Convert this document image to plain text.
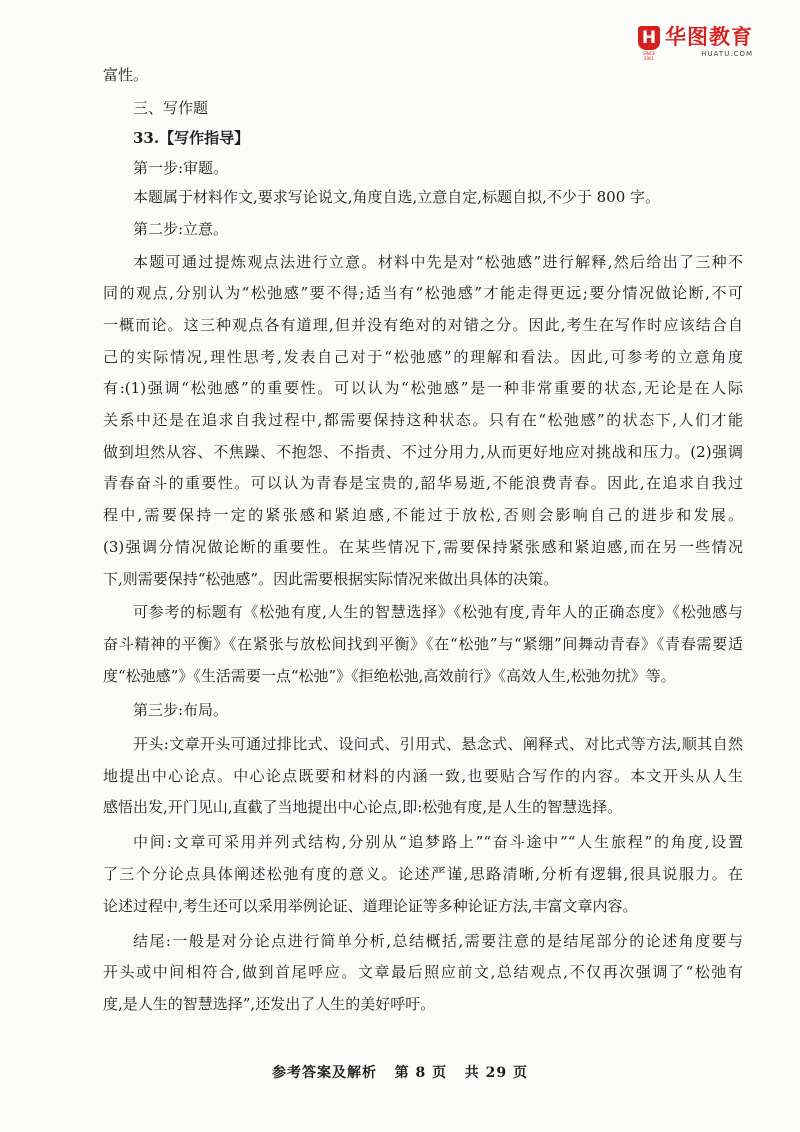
H
SINCE 2001
华图教育
HUATU.COM
富性。
三、写作题
33.【写作指导】
第一步:审题。
本题属于材料作文,要求写论说文,角度自选,立意自定,标题自拟,不少于 800 字。
第二步:立意。
本题可通过提炼观点法进行立意。材料中先是对“松弛感”进行解释,然后给出了三种不
同的观点,分别认为“松弛感”要不得;适当有“松弛感”才能走得更远;要分情况做论断,不可
一概而论。这三种观点各有道理,但并没有绝对的对错之分。因此,考生在写作时应该结合自
己的实际情况,理性思考,发表自己对于“松弛感”的理解和看法。因此,可参考的立意角度
有:(1)强调“松弛感”的重要性。可以认为“松弛感”是一种非常重要的状态,无论是在人际
关系中还是在追求自我过程中,都需要保持这种状态。只有在“松弛感”的状态下,人们才能
做到坦然从容、不焦躁、不抱怨、不指责、不过分用力,从而更好地应对挑战和压力。(2)强调
青春奋斗的重要性。可以认为青春是宝贵的,韶华易逝,不能浪费青春。因此,在追求自我过
程中,需要保持一定的紧张感和紧迫感,不能过于放松,否则会影响自己的进步和发展。
(3)强调分情况做论断的重要性。在某些情况下,需要保持紧张感和紧迫感,而在另一些情况
下,则需要保持“松弛感”。因此需要根据实际情况来做出具体的决策。
可参考的标题有《松弛有度,人生的智慧选择》《松弛有度,青年人的正确态度》《松弛感与
奋斗精神的平衡》《在紧张与放松间找到平衡》《在“松弛”与“紧绷”间舞动青春》《青春需要适
度“松弛感”》《生活需要一点“松弛”》《拒绝松弛,高效前行》《高效人生,松弛勿扰》等。
第三步:布局。
开头:文章开头可通过排比式、设问式、引用式、悬念式、阐释式、对比式等方法,顺其自然
地提出中心论点。中心论点既要和材料的内涵一致,也要贴合写作的内容。本文开头从人生
感悟出发,开门见山,直截了当地提出中心论点,即:松弛有度,是人生的智慧选择。
中间:文章可采用并列式结构,分别从“追梦路上”“奋斗途中”“人生旅程”的角度,设置
了三个分论点具体阐述松弛有度的意义。论述严谨,思路清晰,分析有逻辑,很具说服力。在
论述过程中,考生还可以采用举例论证、道理论证等多种论证方法,丰富文章内容。
结尾:一般是对分论点进行简单分析,总结概括,需要注意的是结尾部分的论述角度要与
开头或中间相符合,做到首尾呼应。文章最后照应前文,总结观点,不仅再次强调了“松弛有
度,是人生的智慧选择”,还发出了人生的美好呼吁。
参考答案及解析   第 8 页   共 29 页
